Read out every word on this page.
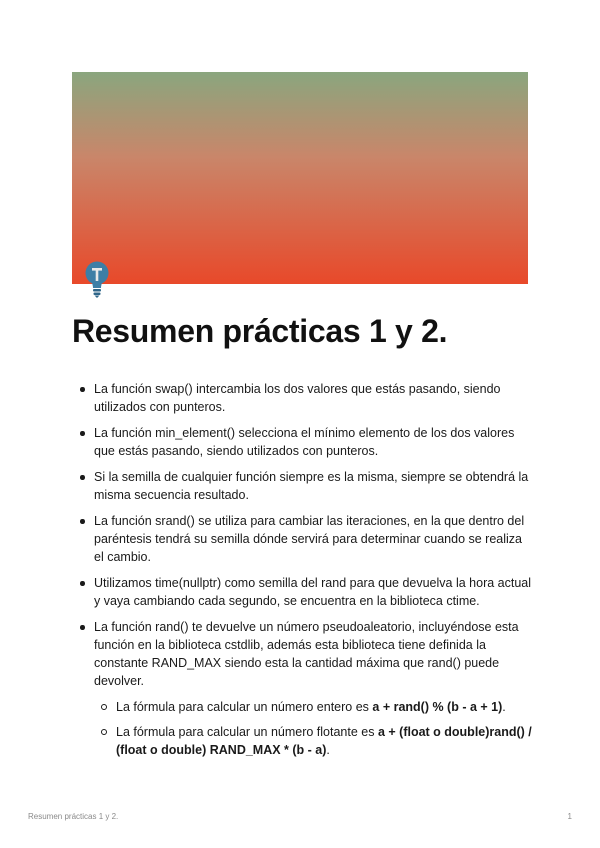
Resumen prácticas 1 y 2.
La función swap() intercambia los dos valores que estás pasando, siendo utilizados con punteros.
La función min_element() selecciona el mínimo elemento de los dos valores que estás pasando, siendo utilizados con punteros.
Si la semilla de cualquier función siempre es la misma, siempre se obtendrá la misma secuencia resultado.
La función srand() se utiliza para cambiar las iteraciones, en la que dentro del paréntesis tendrá su semilla dónde servirá para determinar cuando se realiza el cambio.
Utilizamos time(nullptr) como semilla del rand para que devuelva la hora actual y vaya cambiando cada segundo, se encuentra en la biblioteca ctime.
La función rand() te devuelve un número pseudoaleatorio, incluyéndose esta función en la biblioteca cstdlib, además esta biblioteca tiene definida la constante RAND_MAX siendo esta la cantidad máxima que rand() puede devolver.
La fórmula para calcular un número entero es a + rand() % (b - a + 1).
La fórmula para calcular un número flotante es a + (float o double)rand() / (float o double) RAND_MAX * (b - a).
Resumen prácticas 1 y 2.	1
